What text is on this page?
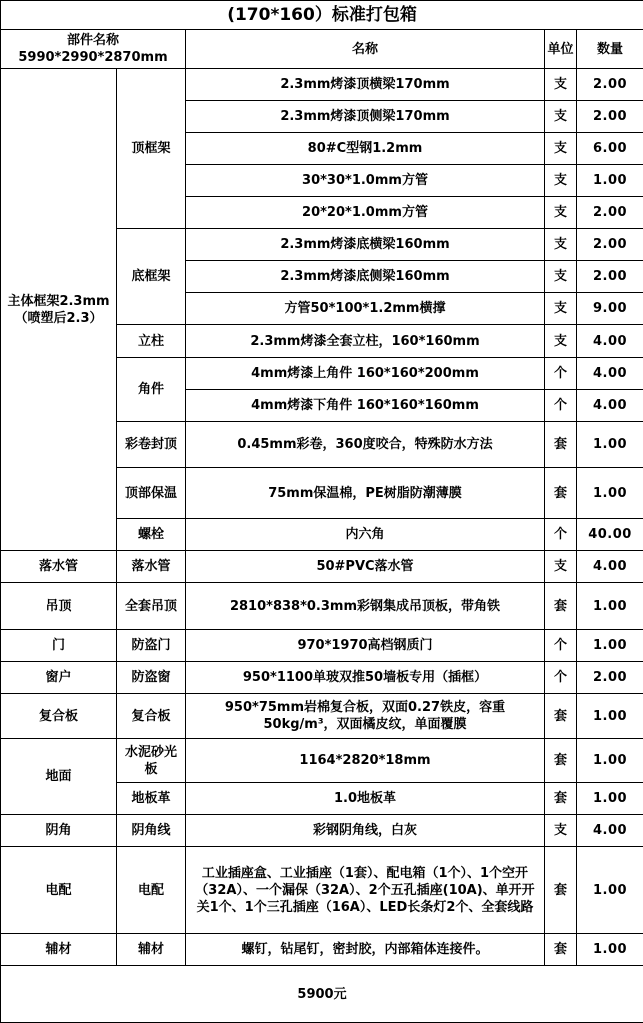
(170*160）标准打包箱				

部件名称
5990*2990*2870mm		名称	单位	数量
主体框架2.3mm（喷塑后2.3）	顶框架	2.3mm烤漆顶横梁170mm	支	2.00
		2.3mm烤漆顶侧梁170mm	支	2.00
		80#C型钢1.2mm	支	6.00
		30*30*1.0mm方管	支	1.00
		20*20*1.0mm方管	支	2.00
	底框架	2.3mm烤漆底横梁160mm	支	2.00
		2.3mm烤漆底侧梁160mm	支	2.00
		方管50*100*1.2mm横撑	支	9.00
	立柱	2.3mm烤漆全套立柱，160*160mm	支	4.00
	角件	4mm烤漆上角件 160*160*200mm	个	4.00
		4mm烤漆下角件 160*160*160mm	个	4.00
	彩卷封顶	0.45mm彩卷，360度咬合，特殊防水方法	套	1.00
	顶部保温	75mm保温棉，PE树脂防潮薄膜	套	1.00
	螺栓	内六角	个	40.00
落水管	落水管	50#PVC落水管	支	4.00
吊顶	全套吊顶	2810*838*0.3mm彩钢集成吊顶板，带角铁	套	1.00
门	防盗门	970*1970高档钢质门	个	1.00
窗户	防盗窗	950*1100单玻双推50墙板专用（插框）	个	2.00
复合板	复合板	950*75mm岩棉复合板，双面0.27铁皮，容重50kg/m³，双面橘皮纹，单面覆膜	套	1.00
地面	水泥砂光板	1164*2820*18mm	套	1.00
	地板革	1.0地板革	套	1.00
阴角	阴角线	彩钢阴角线，白灰	支	4.00
电配	电配	工业插座盒、工业插座（1套）、配电箱（1个）、1个空开（32A）、一个漏保（32A）、2个五孔插座(10A)、单开开关1个、1个三孔插座（16A）、LED长条灯2个、全套线路	套	1.00
辅材	辅材	螺钉，钻尾钉，密封胶，内部箱体连接件。	套	1.00
5900元				
